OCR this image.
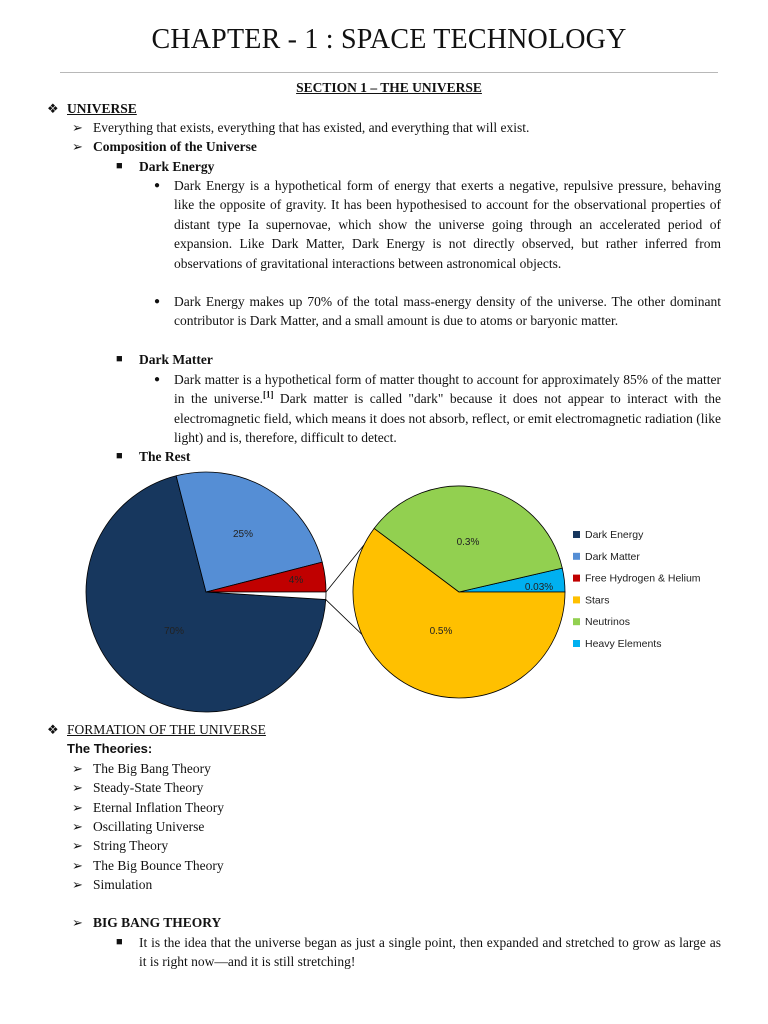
CHAPTER - 1 : SPACE TECHNOLOGY
SECTION 1 – THE UNIVERSE
❖ UNIVERSE
➢ Everything that exists, everything that has existed, and everything that will exist.
➢ Composition of the Universe
■ Dark Energy
● Dark Energy is a hypothetical form of energy that exerts a negative, repulsive pressure, behaving like the opposite of gravity. It has been hypothesised to account for the observational properties of distant type Ia supernovae, which show the universe going through an accelerated period of expansion. Like Dark Matter, Dark Energy is not directly observed, but rather inferred from observations of gravitational interactions between astronomical objects.
● Dark Energy makes up 70% of the total mass-energy density of the universe. The other dominant contributor is Dark Matter, and a small amount is due to atoms or baryonic matter.
■ Dark Matter
● Dark matter is a hypothetical form of matter thought to account for approximately 85% of the matter in the universe.[1] Dark matter is called "dark" because it does not appear to interact with the electromagnetic field, which means it does not absorb, reflect, or emit electromagnetic radiation (like light) and is, therefore, difficult to detect.
■ The Rest
70%
25%
4%
0.03%
0.5%
0.3%
Dark Energy
Dark Matter
Free Hydrogen & Helium
Stars
Neutrinos
Heavy Elements
❖ FORMATION OF THE UNIVERSE
The Theories:
➢ The Big Bang Theory
➢ Steady-State Theory
➢ Eternal Inflation Theory
➢ Oscillating Universe
➢ String Theory
➢ The Big Bounce Theory
➢ Simulation
➢ BIG BANG THEORY
■ It is the idea that the universe began as just a single point, then expanded and stretched to grow as large as it is right now—and it is still stretching!
